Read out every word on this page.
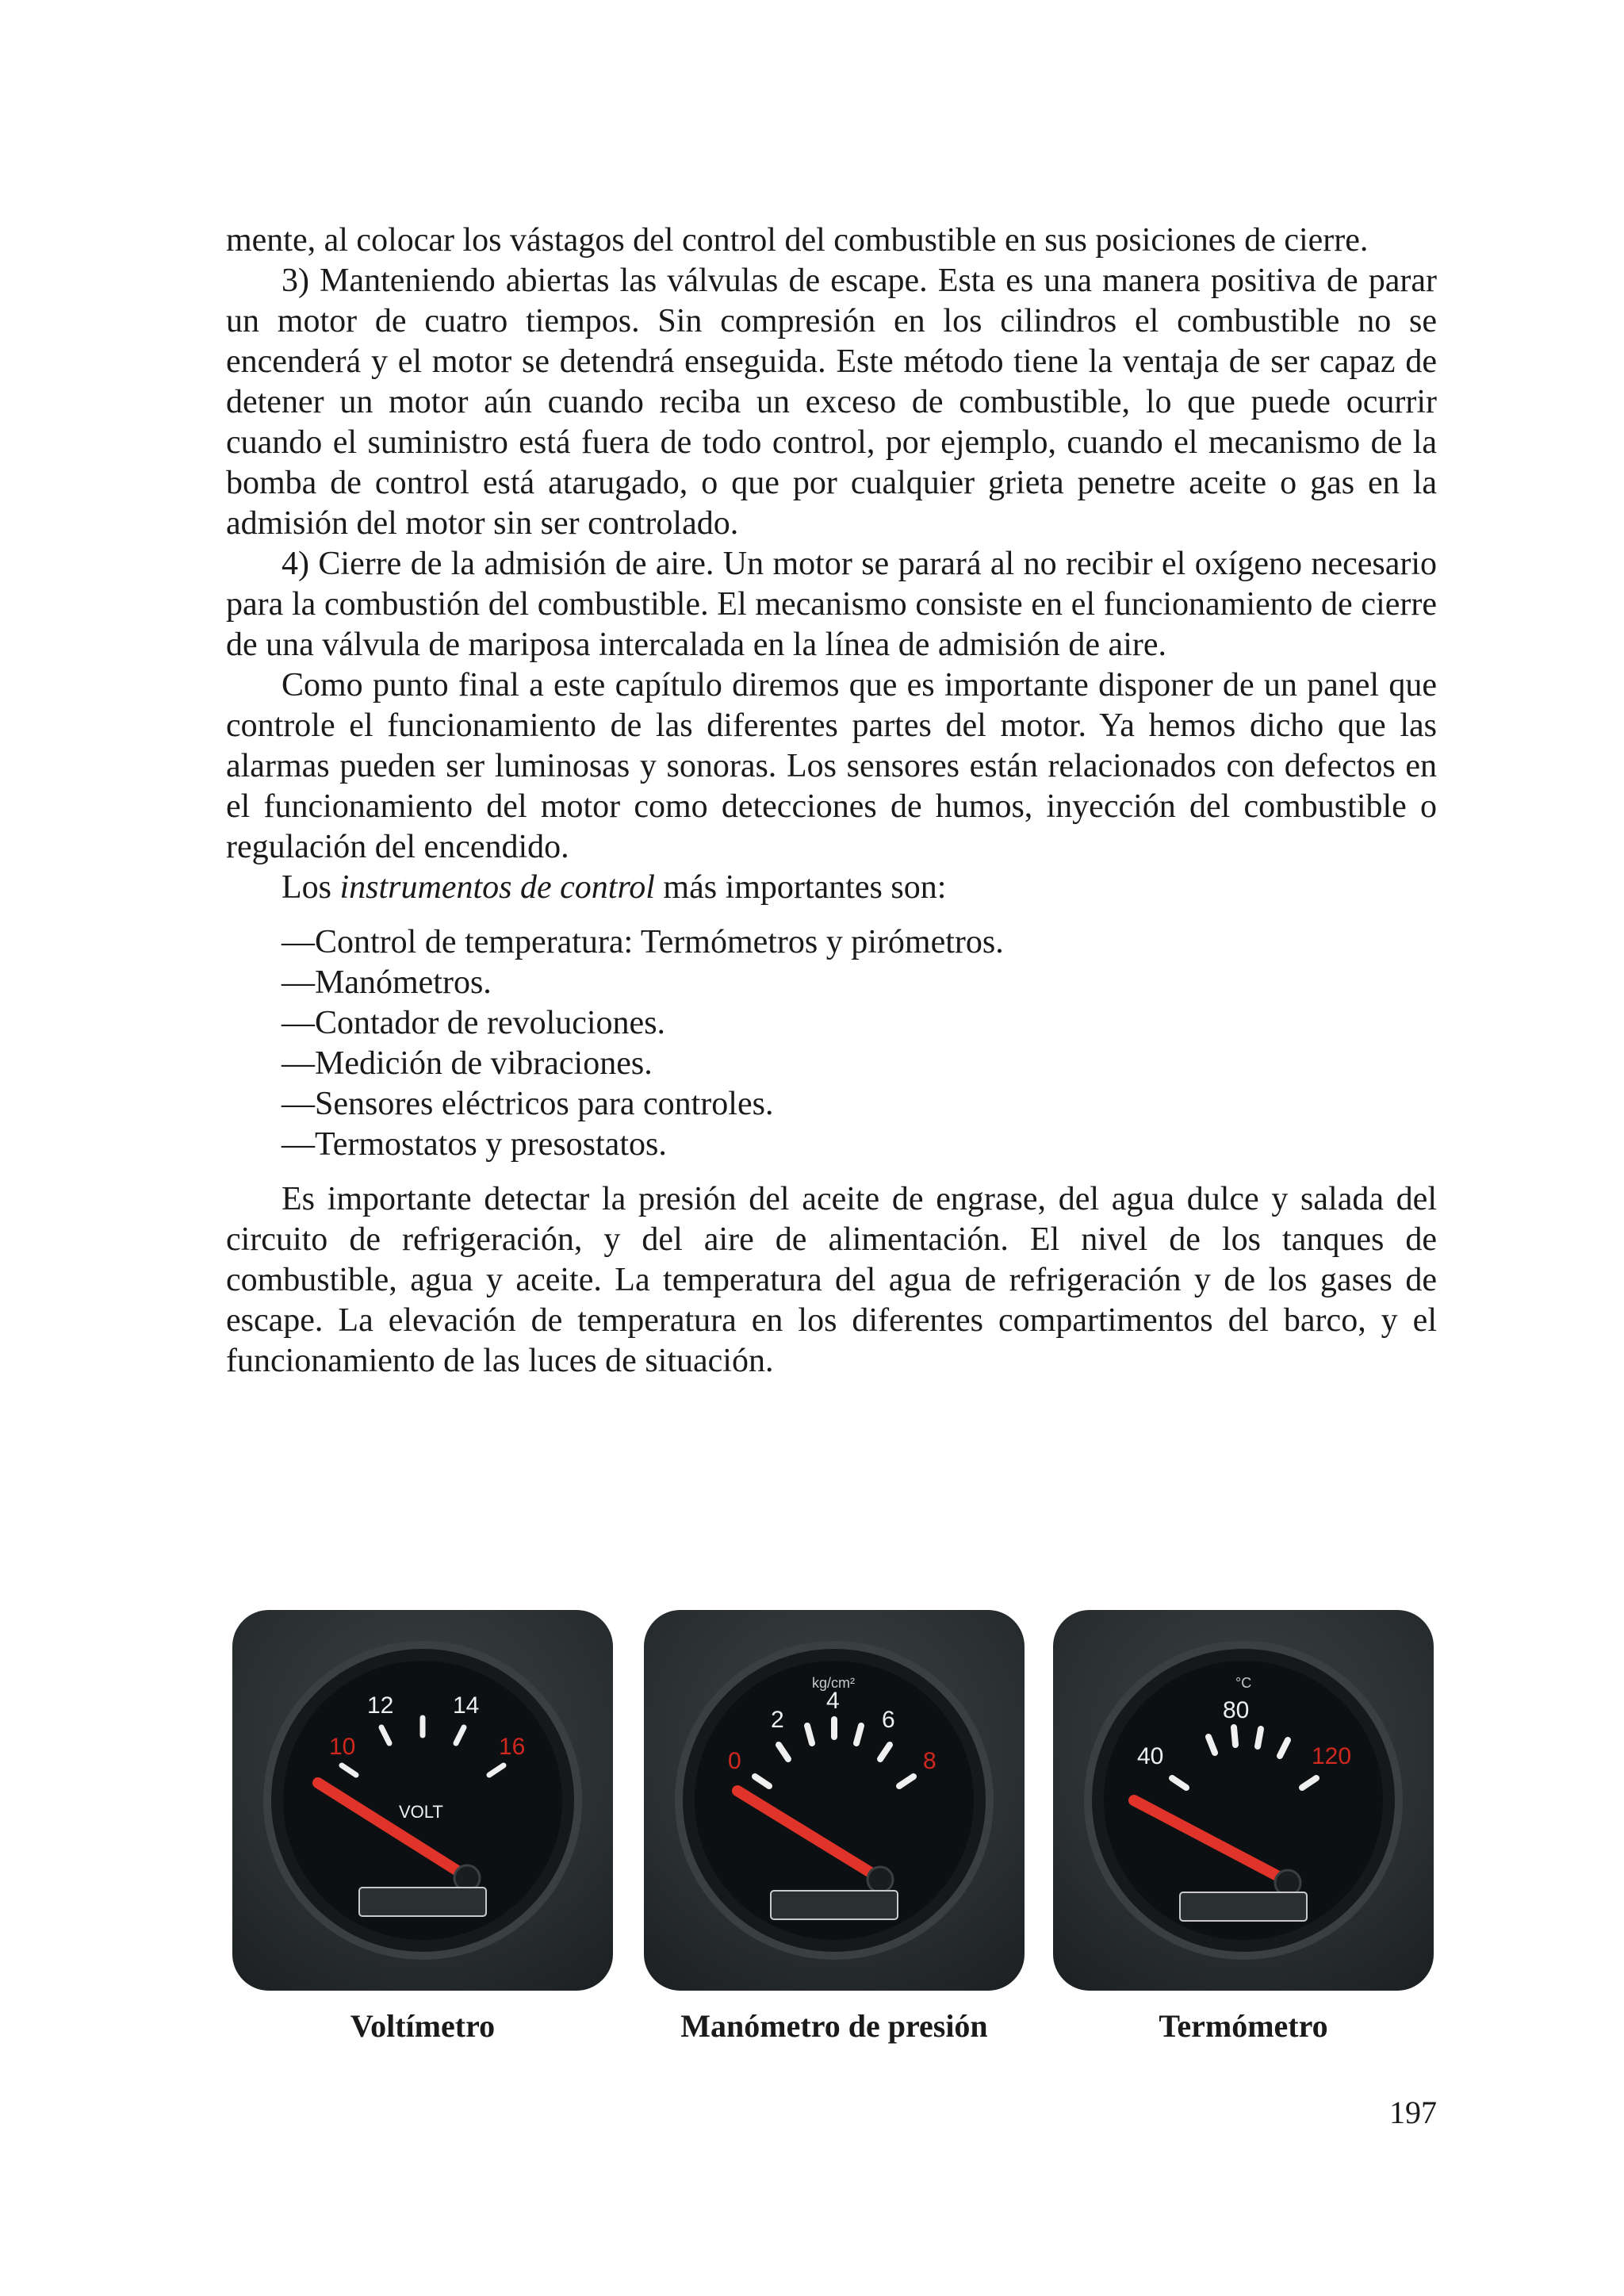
mente, al colocar los vástagos del control del combustible en sus posiciones de cierre.

3) Manteniendo abiertas las válvulas de escape. Esta es una manera positiva de parar un motor de cuatro tiempos. Sin compresión en los cilindros el combustible no se encenderá y el motor se detendrá enseguida. Este método tiene la ventaja de ser capaz de detener un motor aún cuando reciba un exceso de combustible, lo que puede ocurrir cuando el suministro está fuera de todo control, por ejemplo, cuando el mecanismo de la bomba de control está atarugado, o que por cualquier grieta penetre aceite o gas en la admisión del motor sin ser controlado.

4) Cierre de la admisión de aire. Un motor se parará al no recibir el oxígeno necesario para la combustión del combustible. El mecanismo consiste en el funcionamiento de cierre de una válvula de mariposa intercalada en la línea de admisión de aire.

Como punto final a este capítulo diremos que es importante disponer de un panel que controle el funcionamiento de las diferentes partes del motor. Ya hemos dicho que las alarmas pueden ser luminosas y sonoras. Los sensores están relacionados con defectos en el funcionamiento del motor como detecciones de humos, inyección del combustible o regulación del encendido.

Los instrumentos de control más importantes son:

—Control de temperatura: Termómetros y pirómetros.
—Manómetros.
—Contador de revoluciones.
—Medición de vibraciones.
—Sensores eléctricos para controles.
—Termostatos y presostatos.

Es importante detectar la presión del aceite de engrase, del agua dulce y salada del circuito de refrigeración, y del aire de alimentación. El nivel de los tanques de combustible, agua y aceite. La temperatura del agua de refrigeración y de los gases de escape. La elevación de temperatura en los diferentes compartimentos del barco, y el funcionamiento de las luces de situación.

10
12 14
16
VOLT
Voltímetro
0
2
4
6
8
kg/cm²
Manómetro de presión
40
80
120
°C
Termómetro
197
